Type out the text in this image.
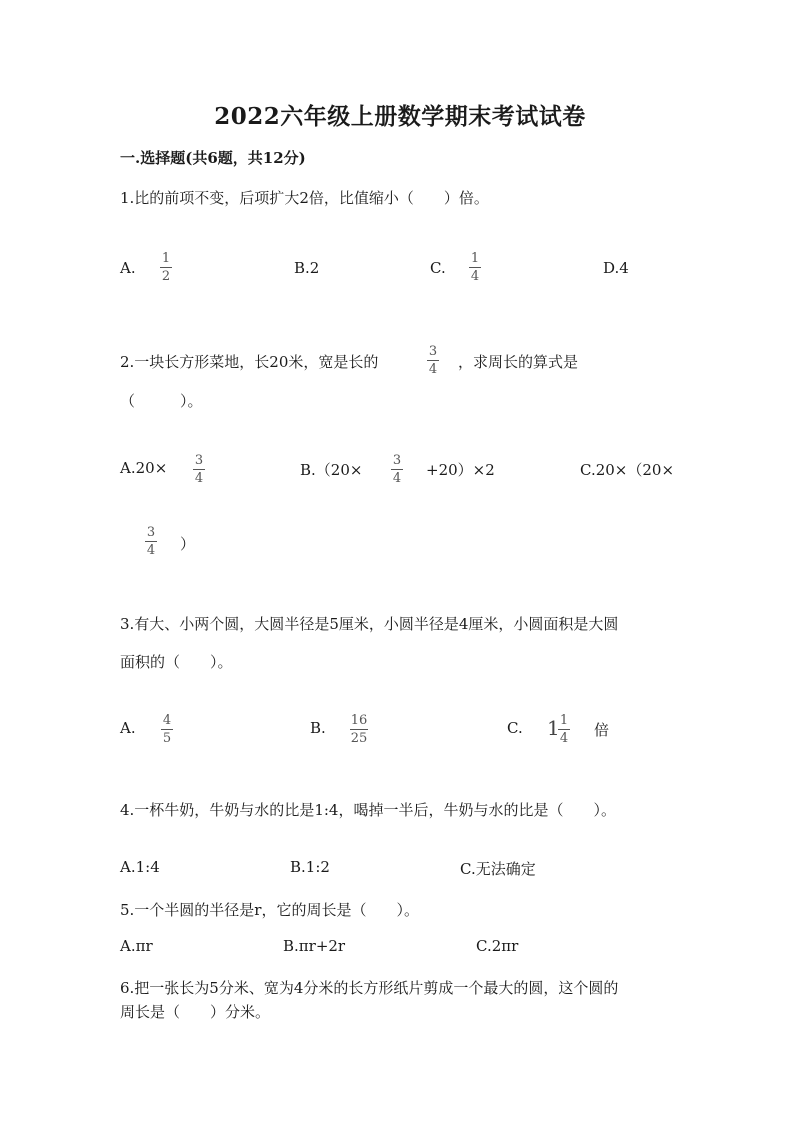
2022六年级上册数学期末考试试卷
一.选择题(共6题，共12分)
1.比的前项不变，后项扩大2倍，比值缩小（　　）倍。
A.
1
2	B.2	C.
1
4	D.4
2.一块长方形菜地，长20米，宽是长的
3
4 ，求周长的算式是
（　　　）。
A.20× 3
4	B.（20×
3
4 +20）×2	C.20×（20×
3
4 ）
3.有大、小两个圆，大圆半径是5厘米，小圆半径是4厘米，小圆面积是大圆
面积的（　　）。
A. 4
5
B. 16
25
C. 1 1
4 倍
4.一杯牛奶，牛奶与水的比是1:4，喝掉一半后，牛奶与水的比是（　　）。
A.1:4	B.1:2	C.无法确定
5.一个半圆的半径是r，它的周长是（　　）。
A.πr	B.πr+2r	C.2πr
6.把一张长为5分米、宽为4分米的长方形纸片剪成一个最大的圆，这个圆的
周长是（　　）分米。
